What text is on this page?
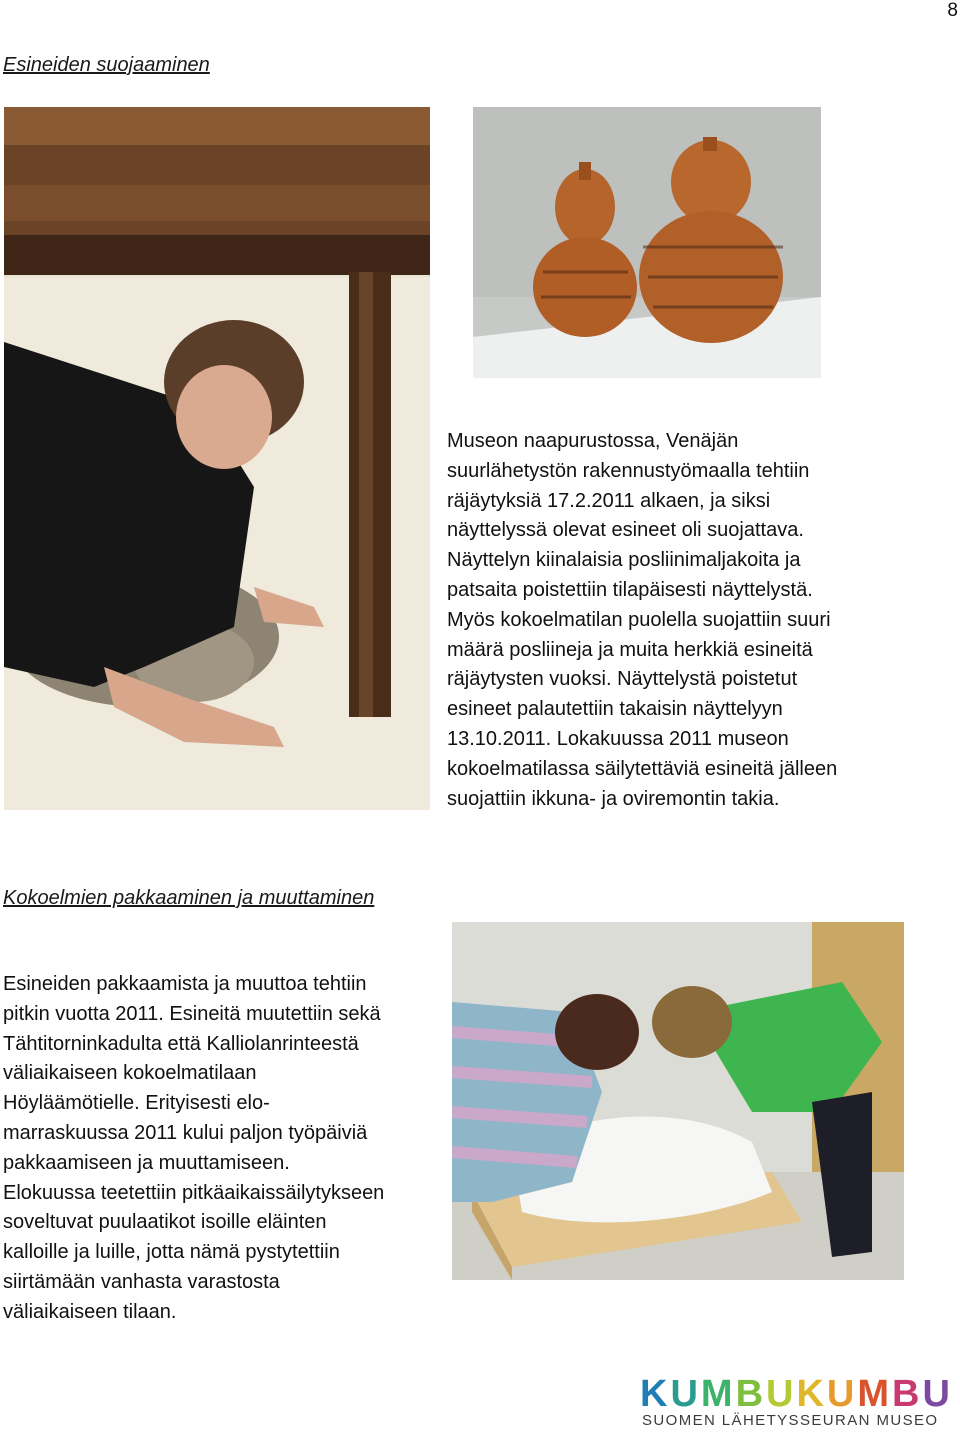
8
Esineiden suojaaminen
Museon naapurustossa, Venäjän
suurlähetystön rakennustyömaalla tehtiin
räjäytyksiä 17.2.2011 alkaen, ja siksi
näyttelyssä olevat esineet oli suojattava.
Näyttelyn kiinalaisia posliinimaljakoita ja
patsaita poistettiin tilapäisesti näyttelystä.
Myös kokoelmatilan puolella suojattiin suuri
määrä posliineja ja muita herkkiä esineitä
räjäytysten vuoksi. Näyttelystä poistetut
esineet palautettiin takaisin näyttelyyn
13.10.2011. Lokakuussa 2011 museon
kokoelmatilassa säilytettäviä esineitä jälleen
suojattiin ikkuna- ja oviremontin takia.
Kokoelmien pakkaaminen ja muuttaminen
Esineiden pakkaamista ja muuttoa tehtiin
pitkin vuotta 2011. Esineitä muutettiin sekä
Tähtitorninkadulta että Kalliolanrinteestä
väliaikaiseen kokoelmatilaan
Höyläämötielle. Erityisesti elo-
marraskuussa 2011 kului paljon työpäiviä
pakkaamiseen ja muuttamiseen.
Elokuussa teetettiin pitkäaikaissäilytykseen
soveltuvat puulaatikot isoille eläinten
kalloille ja luille, jotta nämä pystytettiin
siirtämään vanhasta varastosta
väliaikaiseen tilaan.
KUMBUKUMBU
SUOMEN LÄHETYSSEURAN MUSEO
